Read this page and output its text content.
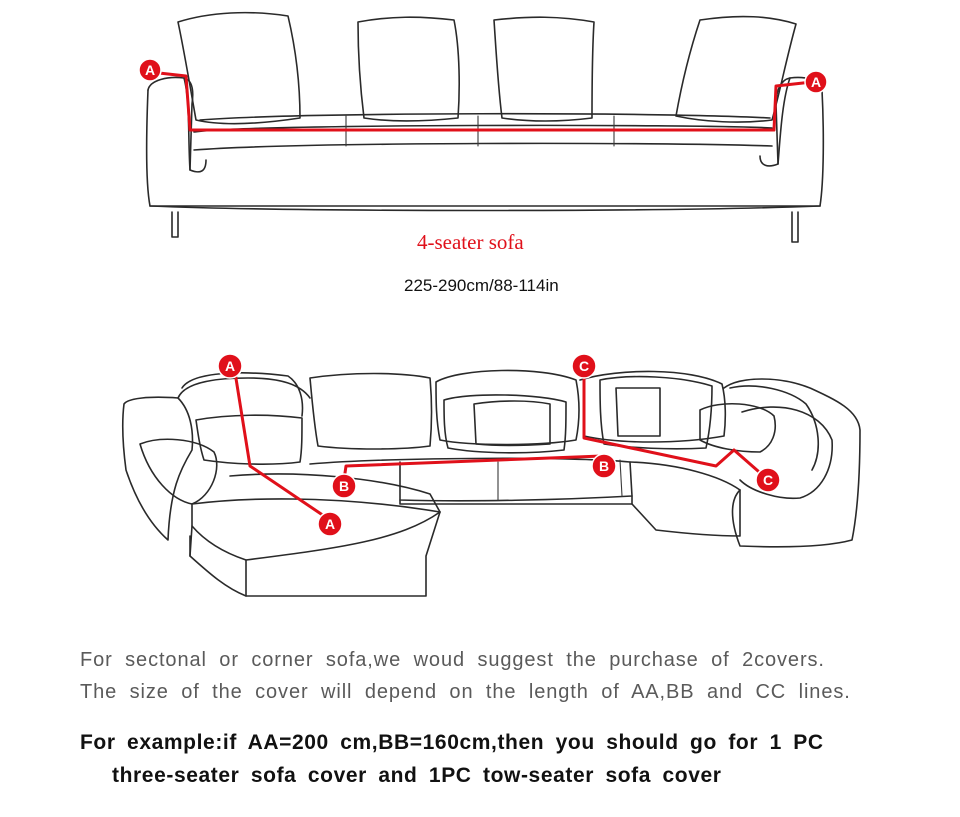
A
A
A
A
B
B
C
C
4-seater sofa
225-290cm/88-114in
For sectonal or corner sofa,we woud suggest the purchase of 2covers.
The size of the cover will depend on the length of AA,BB and CC lines.
For example:if AA=200 cm,BB=160cm,then you should go for 1 PC
three-seater sofa cover and 1PC tow-seater sofa cover
